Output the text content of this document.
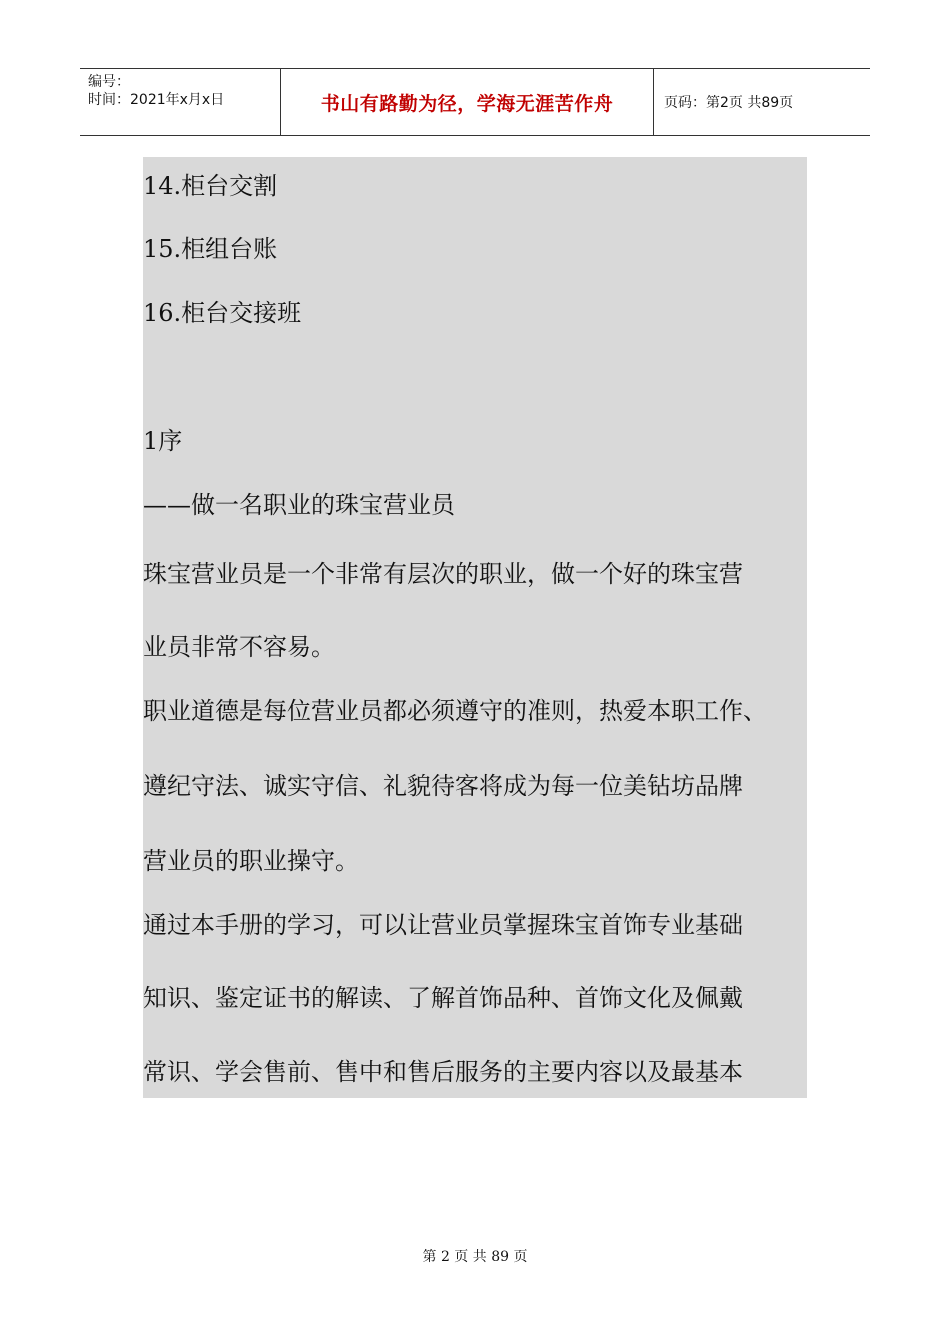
编号：
时间：2021年x月x日	书山有路勤为径，学海无涯苦作舟	页码：第2页 共89页
14.柜台交割
15.柜组台账
16.柜台交接班
1序
——做一名职业的珠宝营业员
珠宝营业员是一个非常有层次的职业，做一个好的珠宝营
业员非常不容易。
职业道德是每位营业员都必须遵守的准则，热爱本职工作、
遵纪守法、诚实守信、礼貌待客将成为每一位美钻坊品牌
营业员的职业操守。
通过本手册的学习，可以让营业员掌握珠宝首饰专业基础
知识、鉴定证书的解读、了解首饰品种、首饰文化及佩戴
常识、学会售前、售中和售后服务的主要内容以及最基本
第 2 页 共 89 页
